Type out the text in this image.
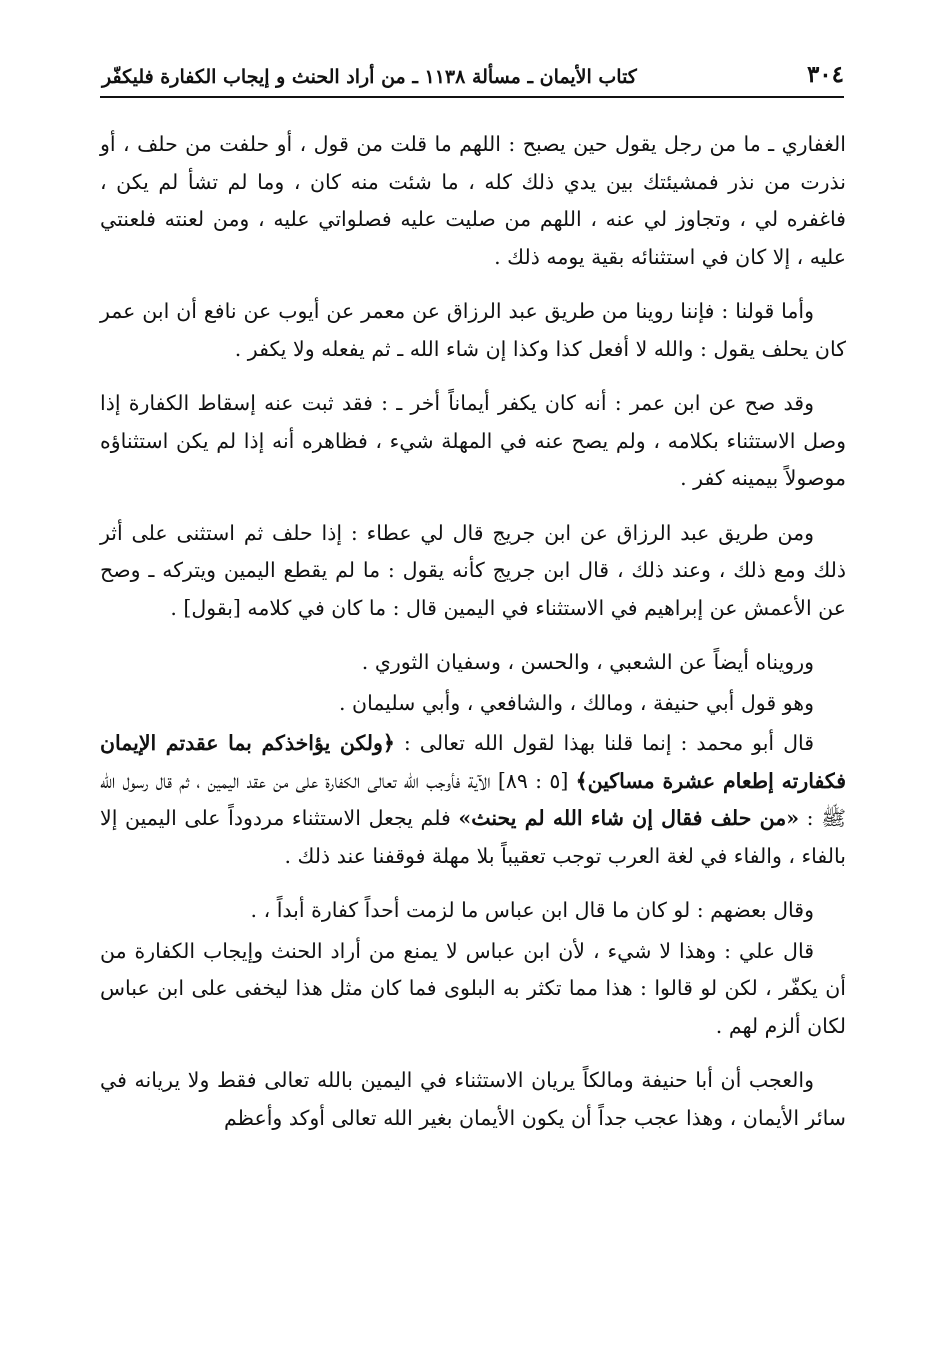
٣٠٤
كتاب الأيمان ـ مسألة ١١٣٨ ـ من أراد الحنث و إيجاب الكفارة فليكفّر

الغفاري ـ ما من رجل يقول حين يصبح : اللهم ما قلت من قول ، أو حلفت من حلف ، أو نذرت من نذر فمشيئتك بين يدي ذلك كله ، ما شئت منه كان ، وما لم تشأ لم يكن ، فاغفره لي ، وتجاوز لي عنه ، اللهم من صليت عليه فصلواتي عليه ، ومن لعنته فلعنتي عليه ، إلا كان في استثنائه بقية يومه ذلك .

وأما قولنا : فإننا روينا من طريق عبد الرزاق عن معمر عن أيوب عن نافع أن ابن عمر كان يحلف يقول : والله لا أفعل كذا وكذا إن شاء الله ـ ثم يفعله ولا يكفر .

وقد صح عن ابن عمر : أنه كان يكفر أيماناً أخر ـ : فقد ثبت عنه إسقاط الكفارة إذا وصل الاستثناء بكلامه ، ولم يصح عنه في المهلة شيء ، فظاهره أنه إذا لم يكن استثناؤه موصولاً بيمينه كفر .

ومن طريق عبد الرزاق عن ابن جريج قال لي عطاء : إذا حلف ثم استثنى على أثر ذلك ومع ذلك ، وعند ذلك ، قال ابن جريج كأنه يقول : ما لم يقطع اليمين ويتركه ـ وصح عن الأعمش عن إبراهيم في الاستثناء في اليمين قال : ما كان في كلامه [بقول] .

ورويناه أيضاً عن الشعبي ، والحسن ، وسفيان الثوري .

وهو قول أبي حنيفة ، ومالك ، والشافعي ، وأبي سليمان .

قال أبو محمد : إنما قلنا بهذا لقول الله تعالى : ﴿ولكن يؤاخذكم بما عقدتم الإيمان فكفارته إطعام عشرة مساكين﴾ [٥ : ٨٩] الآية فأوجب الله تعالى الكفارة على من عقد اليمين ، ثم قال رسول الله ﷺ : «من حلف فقال إن شاء الله لم يحنث» فلم يجعل الاستثناء مردوداً على اليمين إلا بالفاء ، والفاء في لغة العرب توجب تعقيباً بلا مهلة فوقفنا عند ذلك .

وقال بعضهم : لو كان ما قال ابن عباس ما لزمت أحداً كفارة أبداً ، .

قال علي : وهذا لا شيء ، لأن ابن عباس لا يمنع من أراد الحنث وإيجاب الكفارة من أن يكفّر ، لكن لو قالوا : هذا مما تكثر به البلوى فما كان مثل هذا ليخفى على ابن عباس لكان ألزم لهم .

والعجب أن أبا حنيفة ومالكاً يريان الاستثناء في اليمين بالله تعالى فقط ولا يريانه في سائر الأيمان ، وهذا عجب جداً أن يكون الأيمان بغير الله تعالى أوكد وأعظم
